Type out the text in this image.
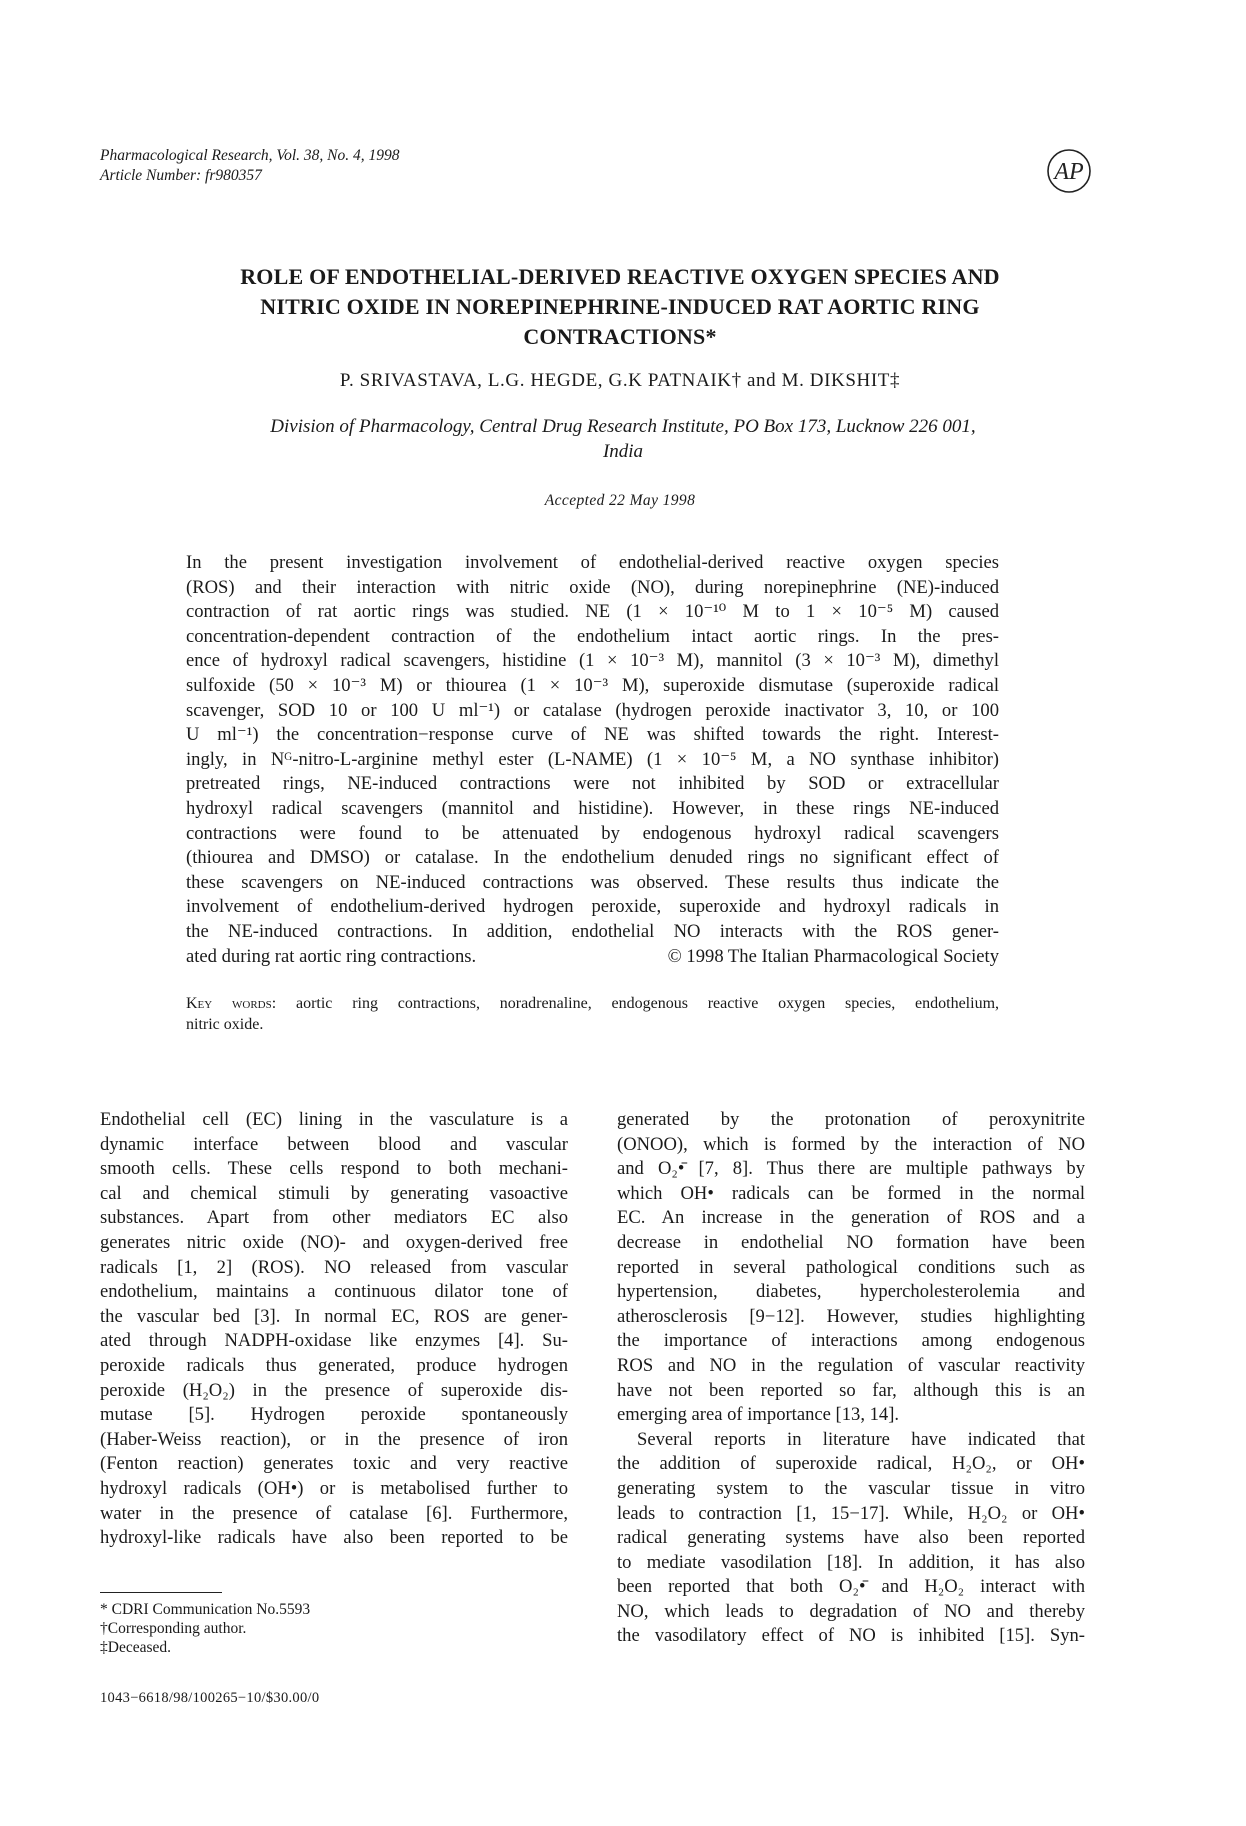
Pharmacological Research, Vol. 38, No. 4, 1998
Article Number: fr980357	AP
ROLE OF ENDOTHELIAL-DERIVED REACTIVE OXYGEN SPECIES AND
NITRIC OXIDE IN NOREPINEPHRINE-INDUCED RAT AORTIC RING
CONTRACTIONS*
P. SRIVASTAVA, L.G. HEGDE, G.K PATNAIK† and M. DIKSHIT‡
Division of Pharmacology, Central Drug Research Institute, PO Box 173, Lucknow 226 001,
India
Accepted 22 May 1998
In the present investigation involvement of endothelial-derived reactive oxygen species
(ROS) and their interaction with nitric oxide (NO), during norepinephrine (NE)-induced
contraction of rat aortic rings was studied. NE (1 × 10⁻¹⁰ M to 1 × 10⁻⁵ M) caused
concentration-dependent contraction of the endothelium intact aortic rings. In the pres-
ence of hydroxyl radical scavengers, histidine (1 × 10⁻³ M), mannitol (3 × 10⁻³ M), dimethyl
sulfoxide (50 × 10⁻³ M) or thiourea (1 × 10⁻³ M), superoxide dismutase (superoxide radical
scavenger, SOD 10 or 100 U ml⁻¹) or catalase (hydrogen peroxide inactivator 3, 10, or 100
U ml⁻¹) the concentration−response curve of NE was shifted towards the right. Interest-
ingly, in Nᴳ-nitro-L-arginine methyl ester (L-NAME) (1 × 10⁻⁵ M, a NO synthase inhibitor)
pretreated rings, NE-induced contractions were not inhibited by SOD or extracellular
hydroxyl radical scavengers (mannitol and histidine). However, in these rings NE-induced
contractions were found to be attenuated by endogenous hydroxyl radical scavengers
(thiourea and DMSO) or catalase. In the endothelium denuded rings no significant effect of
these scavengers on NE-induced contractions was observed. These results thus indicate the
involvement of endothelium-derived hydrogen peroxide, superoxide and hydroxyl radicals in
the NE-induced contractions. In addition, endothelial NO interacts with the ROS gener-
ated during rat aortic ring contractions.	© 1998 The Italian Pharmacological Society
Key words: aortic ring contractions, noradrenaline, endogenous reactive oxygen species, endothelium,
nitric oxide.
Endothelial cell (EC) lining in the vasculature is a
dynamic interface between blood and vascular
smooth cells. These cells respond to both mechani-
cal and chemical stimuli by generating vasoactive
substances. Apart from other mediators EC also
generates nitric oxide (NO)- and oxygen-derived free
radicals [1, 2] (ROS). NO released from vascular
endothelium, maintains a continuous dilator tone of
the vascular bed [3]. In normal EC, ROS are gener-
ated through NADPH-oxidase like enzymes [4]. Su-
peroxide radicals thus generated, produce hydrogen
peroxide (H₂O₂) in the presence of superoxide dis-
mutase [5]. Hydrogen peroxide spontaneously
(Haber-Weiss reaction), or in the presence of iron
(Fenton reaction) generates toxic and very reactive
hydroxyl radicals (OH•) or is metabolised further to
water in the presence of catalase [6]. Furthermore,
hydroxyl-like radicals have also been reported to be
generated by the protonation of peroxynitrite
(ONOO), which is formed by the interaction of NO
and O₂•̄ [7, 8]. Thus there are multiple pathways by
which OH• radicals can be formed in the normal
EC. An increase in the generation of ROS and a
decrease in endothelial NO formation have been
reported in several pathological conditions such as
hypertension, diabetes, hypercholesterolemia and
atherosclerosis [9−12]. However, studies highlighting
the importance of interactions among endogenous
ROS and NO in the regulation of vascular reactivity
have not been reported so far, although this is an
emerging area of importance [13, 14].
Several reports in literature have indicated that
the addition of superoxide radical, H₂O₂, or OH•
generating system to the vascular tissue in vitro
leads to contraction [1, 15−17]. While, H₂O₂ or OH•
radical generating systems have also been reported
to mediate vasodilation [18]. In addition, it has also
been reported that both O₂•̄ and H₂O₂ interact with
NO, which leads to degradation of NO and thereby
the vasodilatory effect of NO is inhibited [15]. Syn-
* CDRI Communication No.5593
†Corresponding author.
‡Deceased.
1043−6618/98/100265−10/$30.00/0
